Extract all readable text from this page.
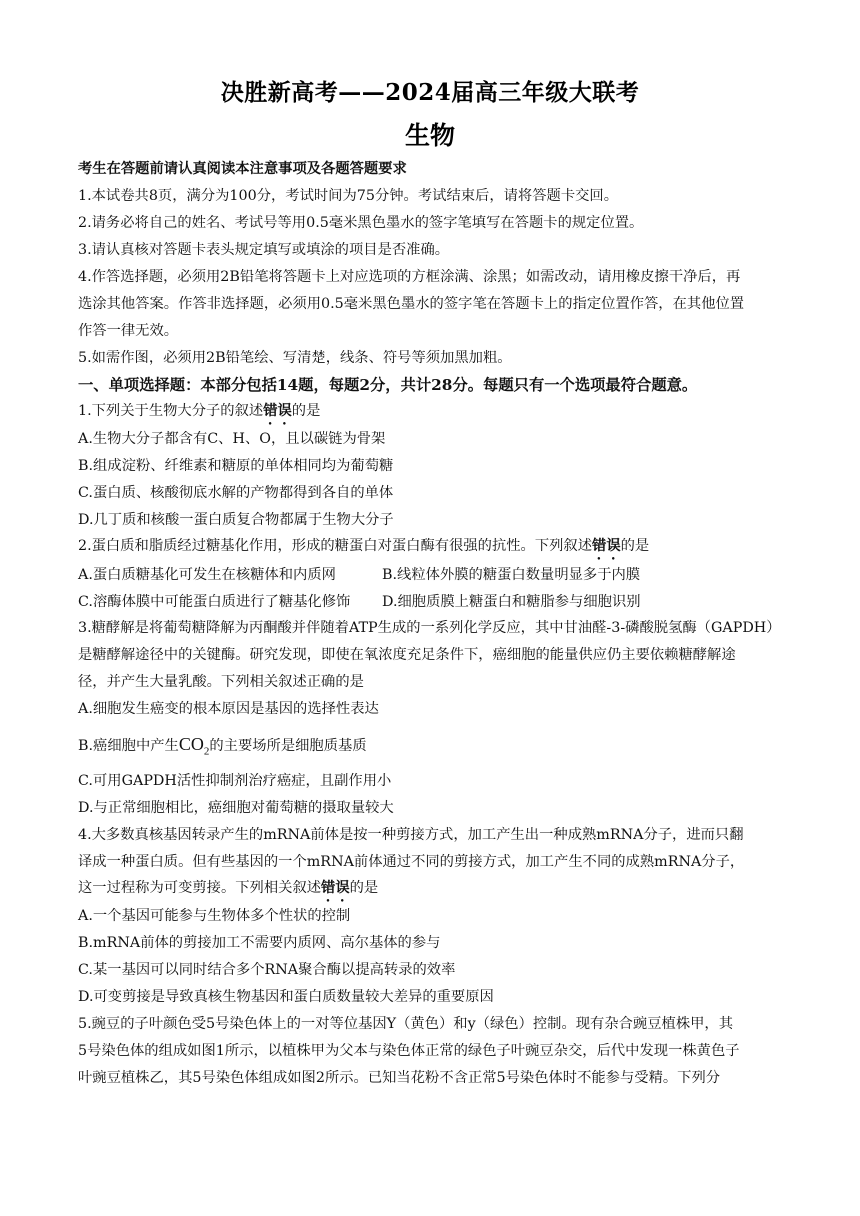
决胜新高考——2024届高三年级大联考
生物
考生在答题前请认真阅读本注意事项及各题答题要求
1.本试卷共8页，满分为100分，考试时间为75分钟。考试结束后，请将答题卡交回。
2.请务必将自己的姓名、考试号等用0.5毫米黑色墨水的签字笔填写在答题卡的规定位置。
3.请认真核对答题卡表头规定填写或填涂的项目是否准确。
4.作答选择题，必须用2B铅笔将答题卡上对应选项的方框涂满、涂黑；如需改动，请用橡皮擦干净后，再
选涂其他答案。作答非选择题，必须用0.5毫米黑色墨水的签字笔在答题卡上的指定位置作答，在其他位置
作答一律无效。
5.如需作图，必须用2B铅笔绘、写清楚，线条、符号等须加黑加粗。
一、单项选择题：本部分包括14题，每题2分，共计28分。每题只有一个选项最符合题意。
1.下列关于生物大分子的叙述错误的是
A.生物大分子都含有C、H、O，且以碳链为骨架
B.组成淀粉、纤维素和糖原的单体相同均为葡萄糖
C.蛋白质、核酸彻底水解的产物都得到各自的单体
D.几丁质和核酸一蛋白质复合物都属于生物大分子
2.蛋白质和脂质经过糖基化作用，形成的糖蛋白对蛋白酶有很强的抗性。下列叙述错误的是
A.蛋白质糖基化可发生在核糖体和内质网	B.线粒体外膜的糖蛋白数量明显多于内膜
C.溶酶体膜中可能蛋白质进行了糖基化修饰 D.细胞质膜上糖蛋白和糖脂参与细胞识别
3.糖酵解是将葡萄糖降解为丙酮酸并伴随着ATP生成的一系列化学反应，其中甘油醛-3-磷酸脱氢酶（GAPDH）
是糖酵解途径中的关键酶。研究发现，即使在氧浓度充足条件下，癌细胞的能量供应仍主要依赖糖酵解途
径，并产生大量乳酸。下列相关叙述正确的是
A.细胞发生癌变的根本原因是基因的选择性表达
B.癌细胞中产生$CO_2$的主要场所是细胞质基质
C.可用GAPDH活性抑制剂治疗癌症，且副作用小
D.与正常细胞相比，癌细胞对葡萄糖的摄取量较大
4.大多数真核基因转录产生的mRNA前体是按一种剪接方式，加工产生出一种成熟mRNA分子，进而只翻
译成一种蛋白质。但有些基因的一个mRNA前体通过不同的剪接方式，加工产生不同的成熟mRNA分子，
这一过程称为可变剪接。下列相关叙述错误的是
A.一个基因可能参与生物体多个性状的控制
B.mRNA前体的剪接加工不需要内质网、高尔基体的参与
C.某一基因可以同时结合多个RNA聚合酶以提高转录的效率
D.可变剪接是导致真核生物基因和蛋白质数量较大差异的重要原因
5.豌豆的子叶颜色受5号染色体上的一对等位基因Y（黄色）和y（绿色）控制。现有杂合豌豆植株甲，其
5号染色体的组成如图1所示，以植株甲为父本与染色体正常的绿色子叶豌豆杂交，后代中发现一株黄色子
叶豌豆植株乙，其5号染色体组成如图2所示。已知当花粉不含正常5号染色体时不能参与受精。下列分
